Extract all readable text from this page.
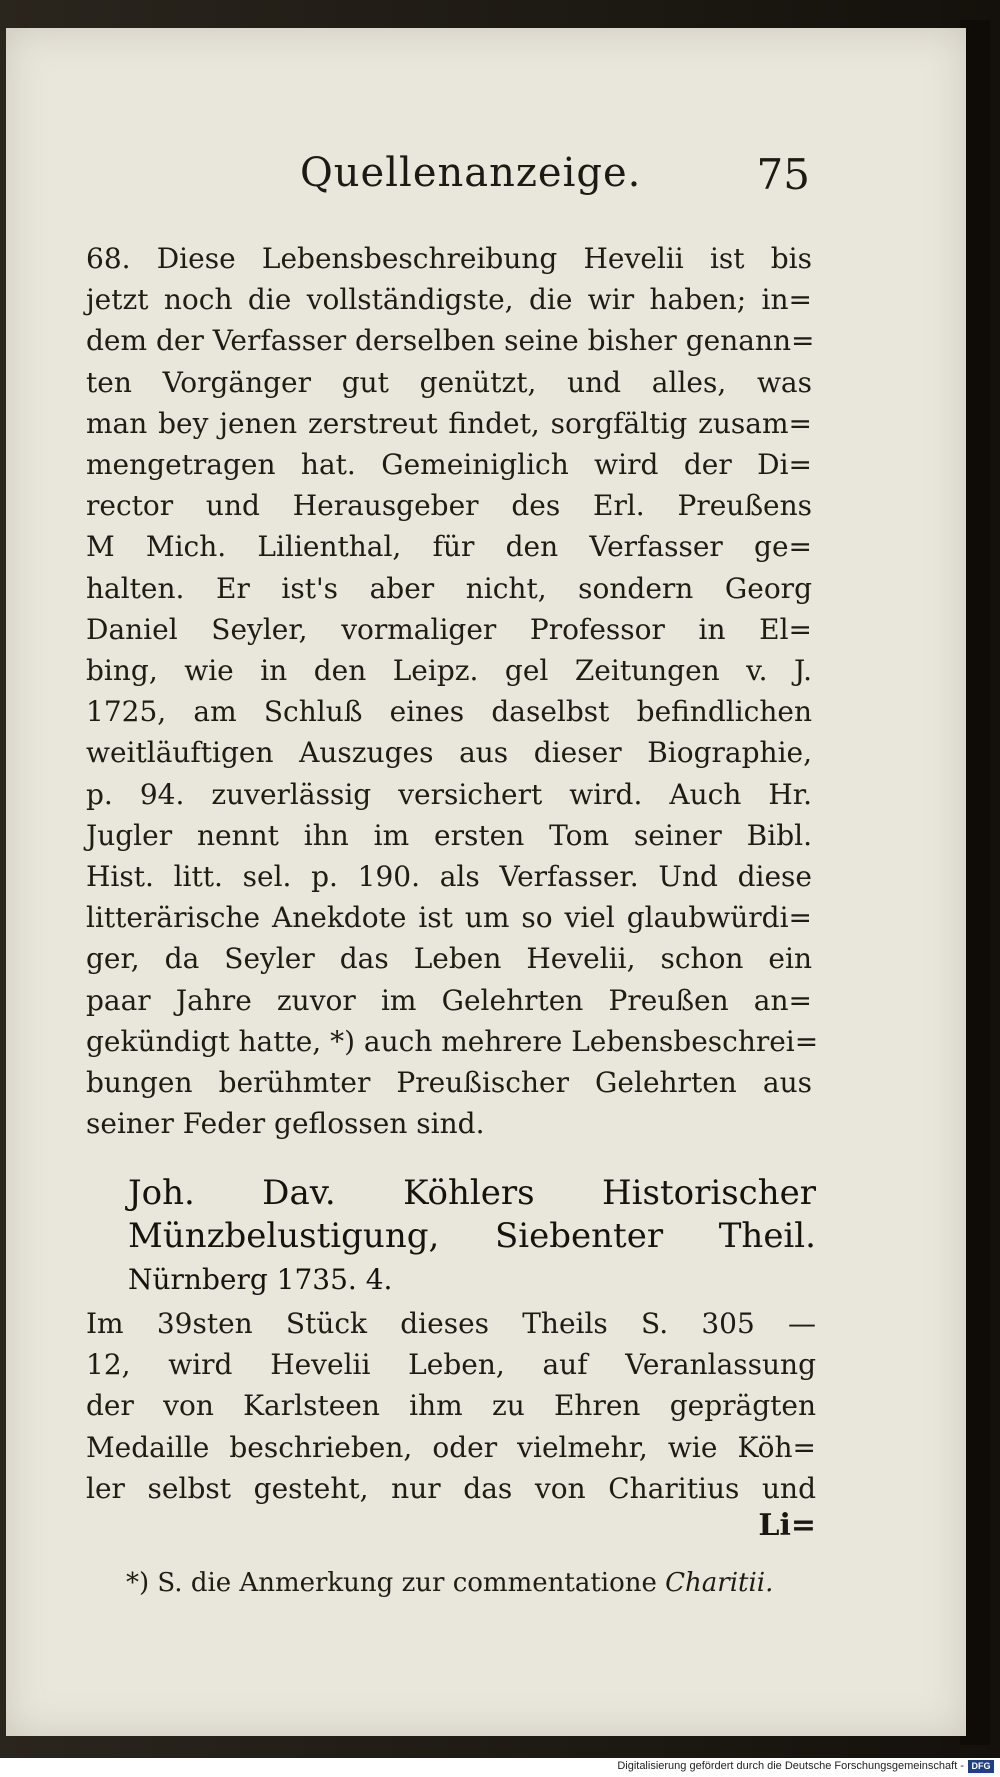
Quellenanzeige.	75
68. Diese Lebensbeschreibung Hevelii ist bis
jetzt noch die vollständigste, die wir haben; in=
dem der Verfasser derselben seine bisher genann=
ten Vorgänger gut genützt, und alles, was
man bey jenen zerstreut findet, sorgfältig zusam=
mengetragen hat. Gemeiniglich wird der Di=
rector und Herausgeber des Erl. Preußens
M Mich. Lilienthal, für den Verfasser ge=
halten. Er ist's aber nicht, sondern Georg
Daniel Seyler, vormaliger Professor in El=
bing, wie in den Leipz. gel Zeitungen v. J.
1725, am Schluß eines daselbst befindlichen
weitläuftigen Auszuges aus dieser Biographie,
p. 94. zuverlässig versichert wird. Auch Hr.
Jugler nennt ihn im ersten Tom seiner Bibl.
Hist. litt. sel. p. 190. als Verfasser. Und diese
litterärische Anekdote ist um so viel glaubwürdi=
ger, da Seyler das Leben Hevelii, schon ein
paar Jahre zuvor im Gelehrten Preußen an=
gekündigt hatte, *) auch mehrere Lebensbeschrei=
bungen berühmter Preußischer Gelehrten aus
seiner Feder geflossen sind.
Joh. Dav. Köhlers Historischer
Münzbelustigung, Siebenter Theil.
Nürnberg 1735. 4.
Im 39sten Stück dieses Theils S. 305 —
12, wird Hevelii Leben, auf Veranlassung
der von Karlsteen ihm zu Ehren geprägten
Medaille beschrieben, oder vielmehr, wie Köh=
ler selbst gesteht, nur das von Charitius und
Li=
*) S. die Anmerkung zur commentatione Charitii.
Digitalisierung gefördert durch die Deutsche Forschungsgemeinschaft - DFG
